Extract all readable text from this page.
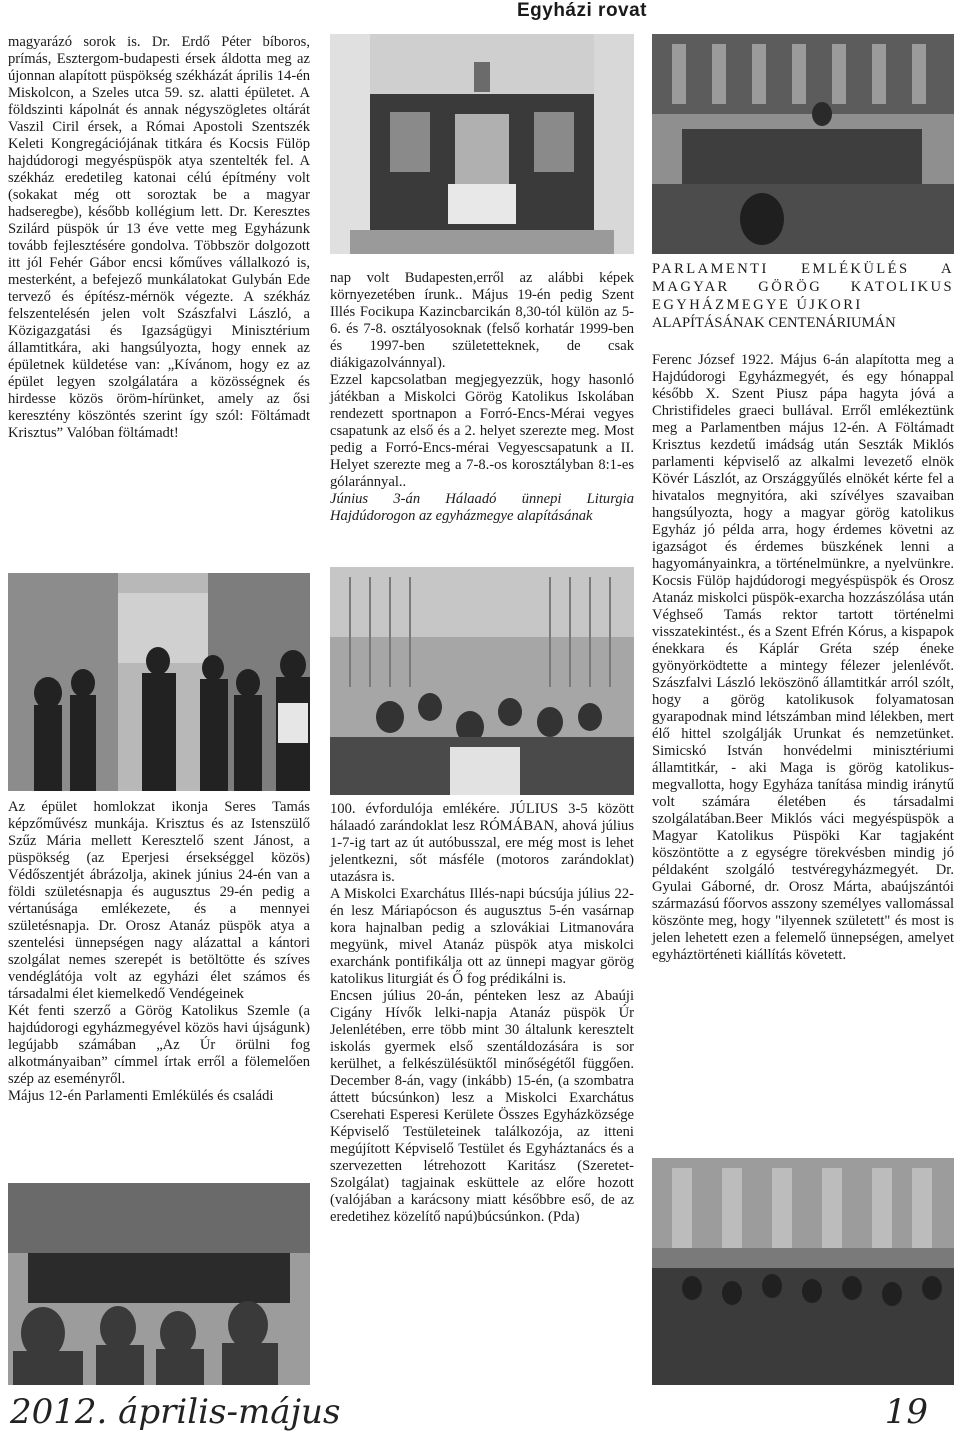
Egyházi rovat

magyarázó sorok is. Dr. Erdő Péter bíboros, prímás, Esztergom-budapesti érsek áldotta meg az újonnan alapított püspökség székházát április 14-én Miskolcon, a Szeles utca 59. sz. alatti épületet. A földszinti kápolnát és annak négyszögletes oltárát Vaszil Ciril érsek, a Római Apostoli Szentszék Keleti Kongregációjának titkára és Kocsis Fülöp hajdúdorogi megyéspüspök atya szentelték fel. A székház eredetileg katonai célú építmény volt (sokakat még ott soroztak be a magyar hadseregbe), később kollégium lett. Dr. Keresztes Szilárd püspök úr 13 éve vette meg Egyházunk tovább fejlesztésére gondolva. Többször dolgozott itt jól Fehér Gábor encsi kőműves vállalkozó is, mesterként, a befejező munkálatokat Gulybán Ede tervező és építész-mérnök végezte. A székház felszentelésén jelen volt Szászfalvi László, a Közigazgatási és Igazságügyi Minisztérium államtitkára, aki hangsúlyozta, hogy ennek az épületnek küldetése van: „Kívánom, hogy ez az épület legyen szolgálatára a közösségnek és hirdesse közös öröm-hírünket, amely az ősi keresztény köszöntés szerint így szól: Föltámadt Krisztus” Valóban föltámadt!

Az épület homlokzat ikonja Seres Tamás képzőművész munkája. Krisztus és az Istenszülő Szűz Mária mellett Keresztelő szent Jánost, a püspökség (az Eperjesi érsekséggel közös) Védőszentjét ábrázolja, akinek június 24-én van a földi születésnapja és augusztus 29-én pedig a vértanúsága emlékezete, és a mennyei születésnapja. Dr. Orosz Atanáz püspök atya a szentelési ünnepségen nagy alázattal a kántori szolgálat nemes szerepét is betöltötte és szíves vendéglátója volt az egyházi élet számos és társadalmi élet kiemelkedő Vendégeinek

Két fenti szerző a Görög Katolikus Szemle (a hajdúdorogi egyházmegyével közös havi újságunk) legújabb számában „Az Úr örülni fog alkotmányaiban” címmel írtak erről a fölemelően szép az eseményről.

Május 12-én Parlamenti Emlékülés és családi

nap volt Budapesten,erről az alábbi képek környezetében írunk.. Május 19-én pedig Szent Illés Focikupa Kazincbarcikán 8,30-tól külön az 5-6. és 7-8. osztályosoknak (felső korhatár 1999-ben és 1997-ben születetteknek, de csak diákigazolvánnyal).

Ezzel kapcsolatban megjegyezzük, hogy hasonló játékban a Miskolci Görög Katolikus Iskolában rendezett sportnapon a Forró-Encs-Mérai vegyes csapatunk az első és a 2. helyet szerezte meg. Most pedig a Forró-Encs-mérai Vegyescsapatunk a II. Helyet szerezte meg a 7-8.-os korosztályban 8:1-es gólaránnyal..

Június 3-án Hálaadó ünnepi Liturgia Hajdúdorogon az egyházmegye alapításának

100. évfordulója emlékére. JÚLIUS 3-5 között hálaadó zarándoklat lesz RÓMÁBAN, ahová július 1-7-ig tart az út autóbusszal, ere még most is lehet jelentkezni, sőt másféle (motoros zarándoklat) utazásra is.

A Miskolci Exarchátus Illés-napi búcsúja július 22-én lesz Máriapócson és augusztus 5-én vasárnap kora hajnalban pedig a szlovákiai Litmanovára megyünk, mivel Atanáz püspök atya miskolci exarchánk pontifikálja ott az ünnepi magyar görög katolikus liturgiát és Ő fog prédikálni is.

Encsen július 20-án, pénteken lesz az Abaúji Cigány Hívők lelki-napja Atanáz püspök Úr Jelenlétében, erre több mint 30 általunk keresztelt iskolás gyermek első szentáldozására is sor kerülhet, a felkészülésüktől minőségétől függően. December 8-án, vagy (inkább) 15-én, (a szombatra áttett búcsúnkon) lesz a Miskolci Exarchátus Cserehati Esperesi Kerülete Összes Egyházközsége Képviselő Testületeinek találkozója, az itteni megújított Képviselő Testület és Egyháztanács és a szervezetten létrehozott Karitász (Szeretet-Szolgálat) tagjainak esküttele az előre hozott (valójában a karácsony miatt későbbre eső, de az eredetihez közelítő napú)búcsúnkon. (Pda)

PARLAMENTI EMLÉKÜLÉS A MAGYAR GÖRÖG KATOLIKUS EGYHÁZMEGYE ÚJKORI

ALAPÍTÁSÁNAK CENTENÁRIUMÁN

Ferenc József 1922. Május 6-án alapította meg a Hajdúdorogi Egyházmegyét, és egy hónappal később X. Szent Piusz pápa hagyta jóvá a Christifideles graeci bullával. Erről emlékeztünk meg a Parlamentben május 12-én. A Föltámadt Krisztus kezdetű imádság után Seszták Miklós parlamenti képviselő az alkalmi levezető elnök Kövér Lászlót, az Országgyűlés elnökét kérte fel a hivatalos megnyitóra, aki szívélyes szavaiban hangsúlyozta, hogy a magyar görög katolikus Egyház jó példa arra, hogy érdemes követni az igazságot és érdemes büszkének lenni a hagyományainkra, a történelmünkre, a nyelvünkre. Kocsis Fülöp hajdúdorogi megyéspüspök és Orosz Atanáz miskolci püspök-exarcha hozzászólása után Véghseő Tamás rektor tartott történelmi visszatekintést., és a Szent Efrén Kórus, a kispapok énekkara és Káplár Gréta szép éneke gyönyörködtette a mintegy félezer jelenlévőt. Szászfalvi László leköszönő államtitkár arról szólt, hogy a görög katolikusok folyamatosan gyarapodnak mind létszámban mind lélekben, mert élő hittel szolgálják Urunkat és nemzetünket. Simicskó István honvédelmi minisztériumi államtitkár, - aki Maga is görög katolikus- megvallotta, hogy Egyháza tanítása mindig iránytű volt számára életében és társadalmi szolgálatában.Beer Miklós váci megyéspüspök a Magyar Katolikus Püspöki Kar tagjaként köszöntötte a z egységre törekvésben mindig jó példaként szolgáló testvéregyházmegyét. Dr. Gyulai Gáborné, dr. Orosz Márta, abaújszántói származású főorvos asszony személyes vallomással köszönte meg, hogy "ilyennek született" és most is jelen lehetett ezen a felemelő ünnepségen, amelyet egyháztörténeti kiállítás követett.

2012. április-május	19
